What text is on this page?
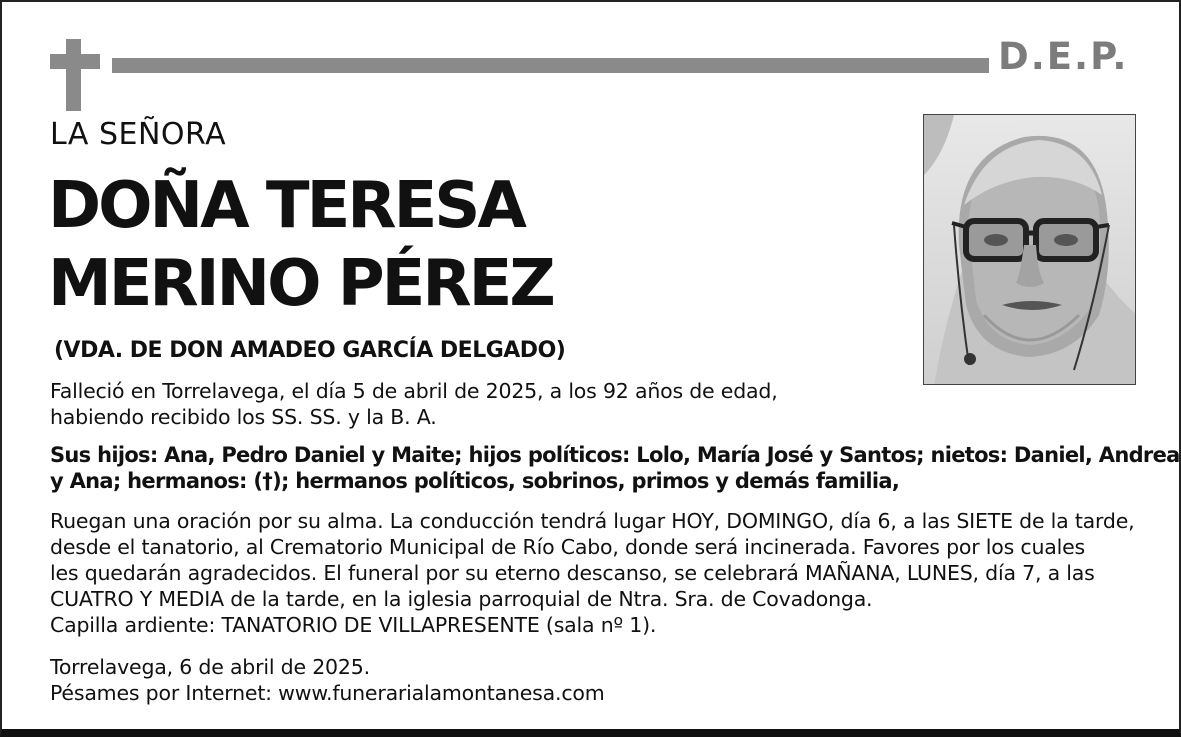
D.E.P.
LA SEÑORA
DOÑA TERESA
MERINO PÉREZ
(VDA. DE DON AMADEO GARCÍA DELGADO)
Falleció en Torrelavega, el día 5 de abril de 2025, a los 92 años de edad,
habiendo recibido los SS. SS. y la B. A.
Sus hijos: Ana, Pedro Daniel y Maite; hijos políticos: Lolo, María José y Santos; nietos: Daniel, Andrea
y Ana; hermanos: (†); hermanos políticos, sobrinos, primos y demás familia,
Ruegan una oración por su alma. La conducción tendrá lugar HOY, DOMINGO, día 6, a las SIETE de la tarde,
desde el tanatorio, al Crematorio Municipal de Río Cabo, donde será incinerada. Favores por los cuales
les quedarán agradecidos. El funeral por su eterno descanso, se celebrará MAÑANA, LUNES, día 7, a las
CUATRO Y MEDIA de la tarde, en la iglesia parroquial de Ntra. Sra. de Covadonga.
Capilla ardiente: TANATORIO DE VILLAPRESENTE (sala nº 1).
Torrelavega, 6 de abril de 2025.
Pésames por Internet: www.funerarialamontanesa.com
